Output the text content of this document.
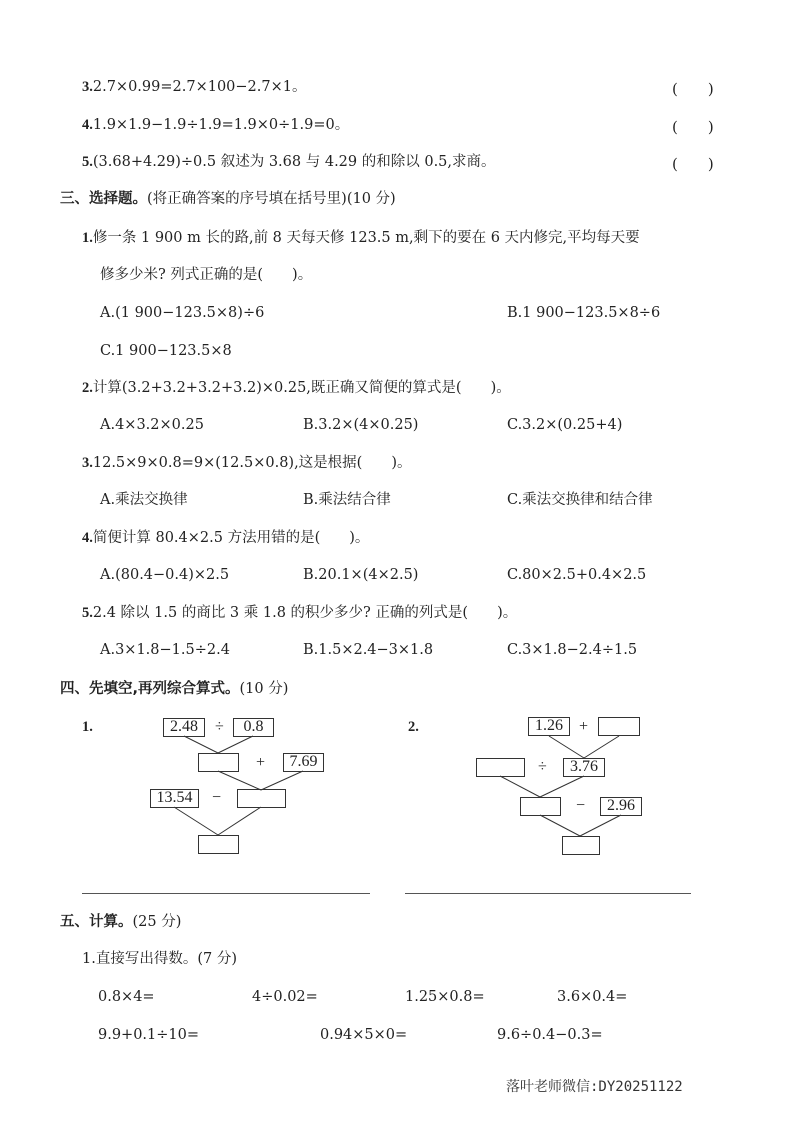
3.2.7×0.99=2.7×100−2.7×1。	(　　)
4.1.9×1.9−1.9÷1.9=1.9×0÷1.9=0。	(　　)
5.(3.68+4.29)÷0.5 叙述为 3.68 与 4.29 的和除以 0.5,求商。	(　　)
三、选择题。(将正确答案的序号填在括号里)(10 分)
1.修一条 1 900 m 长的路,前 8 天每天修 123.5 m,剩下的要在 6 天内修完,平均每天要
修多少米? 列式正确的是(　　)。
A.(1 900−123.5×8)÷6	B.1 900−123.5×8÷6
C.1 900−123.5×8
2.计算(3.2+3.2+3.2+3.2)×0.25,既正确又简便的算式是(　　)。
A.4×3.2×0.25	B.3.2×(4×0.25)	C.3.2×(0.25+4)
3.12.5×9×0.8=9×(12.5×0.8),这是根据(　　)。
A.乘法交换律	B.乘法结合律	C.乘法交换律和结合律
4.简便计算 80.4×2.5 方法用错的是(　　)。
A.(80.4−0.4)×2.5	B.20.1×(4×2.5)	C.80×2.5+0.4×2.5
5.2.4 除以 1.5 的商比 3 乘 1.8 的积少多少? 正确的列式是(　　)。
A.3×1.8−1.5÷2.4	B.1.5×2.4−3×1.8	C.3×1.8−2.4÷1.5
四、先填空,再列综合算式。(10 分)
1.	2.48	÷	0.8
+	7.69
13.54	−
2.	1.26	+
÷	3.76
−	2.96
五、计算。(25 分)
1.直接写出得数。(7 分)
0.8×4=	4÷0.02=	1.25×0.8=	3.6×0.4=
9.9+0.1÷10=	0.94×5×0=	9.6÷0.4−0.3=
落叶老师微信:DY20251122
